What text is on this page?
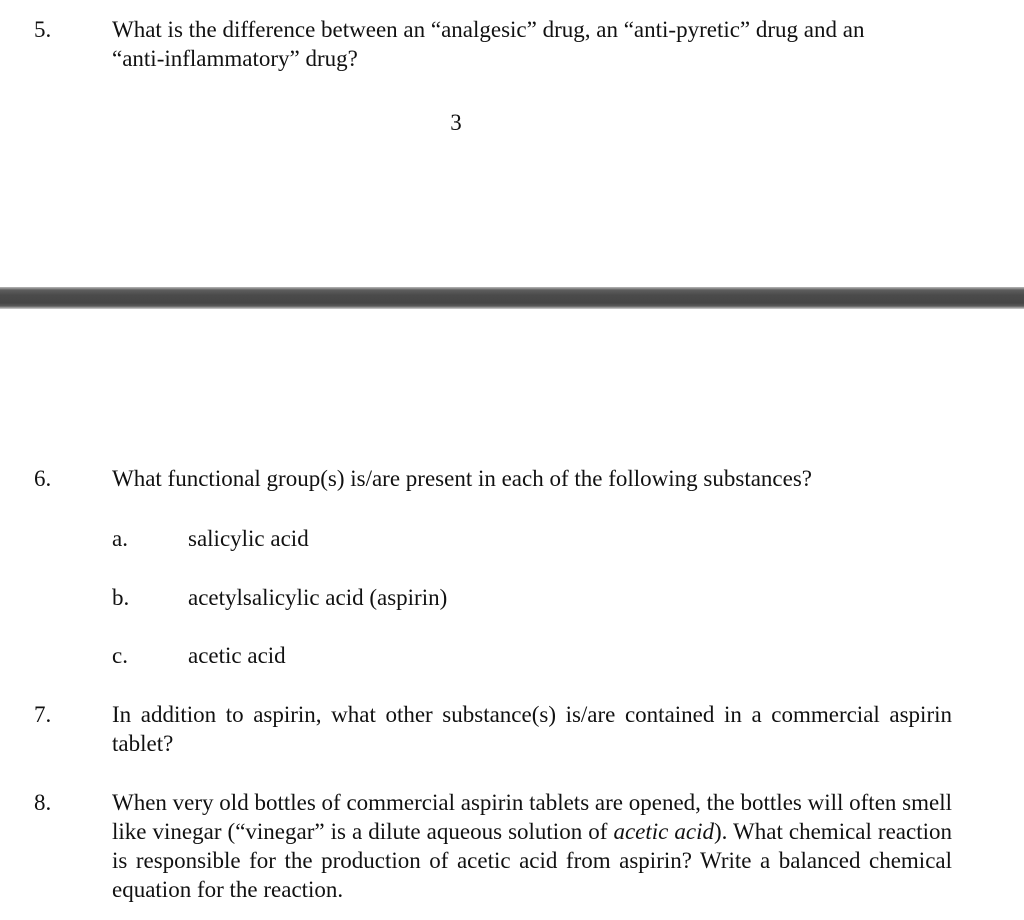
5.	What is the difference between an “analgesic” drug, an “anti-pyretic” drug and an
“anti-inflammatory” drug?
3
6.	What functional group(s) is/are present in each of the following substances?
a.	salicylic acid
b.	acetylsalicylic acid (aspirin)
c.	acetic acid
7.	In addition to aspirin, what other substance(s) is/are contained in a commercial aspirin tablet?
8.	When very old bottles of commercial aspirin tablets are opened, the bottles will often smell like vinegar (“vinegar” is a dilute aqueous solution of acetic acid). What chemical reaction is responsible for the production of acetic acid from aspirin? Write a balanced chemical equation for the reaction.
